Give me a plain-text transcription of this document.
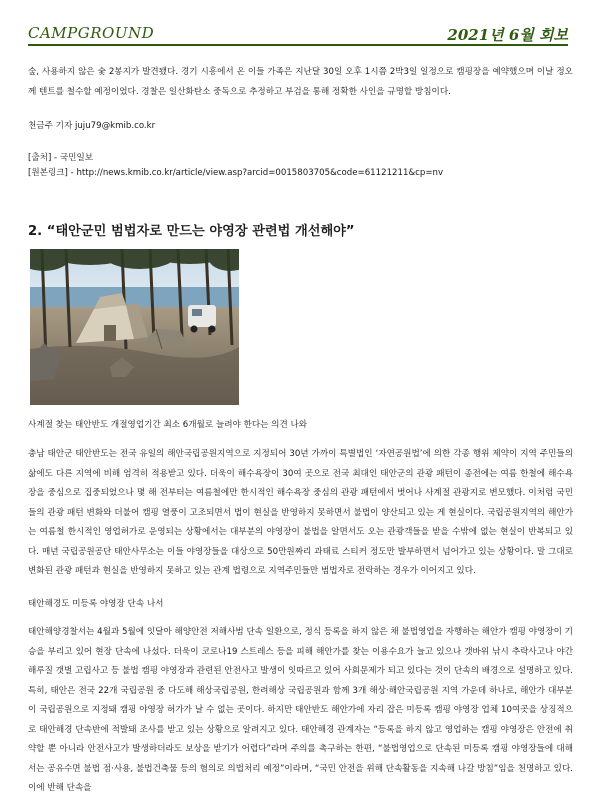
CAMPGROUND	2021년 6월 회보

숲, 사용하지 않은 숯 2봉지가 발견됐다. 경기 시흥에서 온 이들 가족은 지난달 30일 오후 1시쯤 2박3일 일정으로 캠핑장을 예약했으며 이날 정오께 텐트를 철수할 예정이었다. 경찰은 일산화탄소 중독으로 추정하고 부검을 통해 정확한 사인을 규명할 방침이다.

천금주 기자 juju79@kmib.co.kr

[출처] - 국민일보

[원본링크] - http://news.kmib.co.kr/article/view.asp?arcid=0015803705&code=61121211&cp=nv

2. “태안군민 범법자로 만드는 야영장 관련법 개선해야”
사계절 찾는 태안반도 개절영업기간 최소 6개월로 늘려야 한다는 의견 나와

충남 태안군 태안반도는 전국 유일의 해안국립공원지역으로 지정되어 30년 가까이 특별법인 ‘자연공원법’에 의한 각종 행위 제약이 지역 주민들의 삶에도 다른 지역에 비해 엄격히 적용받고 있다. 더욱이 해수욕장이 30여 곳으로 전국 최대인 태안군의 관광 패턴이 종전에는 여름 한철에 해수욕장을 중심으로 집중되었으나 몇 해 전부터는 여름철에만 한시적인 해수욕장 중심의 관광 패턴에서 벗어나 사계절 관광지로 변모했다. 이처럼 국민들의 관광 패턴 변화와 더불어 캠핑 열풍이 고조되면서 법이 현실을 반영하지 못하면서 불법이 양산되고 있는 게 현실이다. 국립공원지역의 해안가는 여름철 한시적인 영업허가로 운영되는 상황에서는 대부분의 야영장이 불법을 알면서도 오는 관광객들을 받을 수밖에 없는 현실이 반복되고 있다. 매년 국립공원공단 태안사무소는 이들 야영장들을 대상으로 50만원짜리 과태료 스티커 정도만 발부하면서 넘어가고 있는 상황이다. 말 그대로 변화된 관광 패턴과 현실을 반영하지 못하고 있는 관계 법령으로 지역주민들만 범법자로 전락하는 경우가 이어지고 있다.

태안해경도 미등록 야영장 단속 나서

태안해양경찰서는 4월과 5월에 잇달아 해양안전 저해사범 단속 일환으로, 정식 등록을 하지 않은 채 불법영업을 자행하는 해안가 캠핑 야영장이 기승을 부리고 있어 현장 단속에 나섰다. 더욱이 코로나19 스트레스 등을 피해 해안가를 찾는 이용수요가 늘고 있으나 갯바위 낚시 추락사고나 야간 해루질 갯벌 고립사고 등 불법 캠핑 야영장과 관련된 안전사고 발생이 잇따르고 있어 사회문제가 되고 있다는 것이 단속의 배경으로 설명하고 있다. 특히, 태안은 전국 22개 국립공원 중 다도해 해상국립공원, 한려해상 국립공원과 함께 3개 해상·해안국립공원 지역 가운데 하나로, 해안가 대부분이 국립공원으로 지정돼 캠핑 야영장 허가가 날 수 없는 곳이다. 하지만 태안반도 해안가에 자리 잡은 미등록 캠핑 야영장 업체 10여곳을 상징적으로 태안해경 단속반에 적발돼 조사를 받고 있는 상황으로 알려지고 있다. 태안해경 관계자는 “등록을 하지 않고 영업하는 캠핑 야영장은 안전에 취약할 뿐 아니라 안전사고가 발생하더라도 보상을 받기가 어렵다”라며 주의를 촉구하는 한편, “불법영업으로 단속된 미등록 캠핑 야영장들에 대해서는 공유수면 불법 점·사용, 불법건축물 등의 혐의로 의법처리 예정”이라며, “국민 안전을 위해 단속활동을 지속해 나갈 방침”임을 천명하고 있다. 이에 반해 단속을
